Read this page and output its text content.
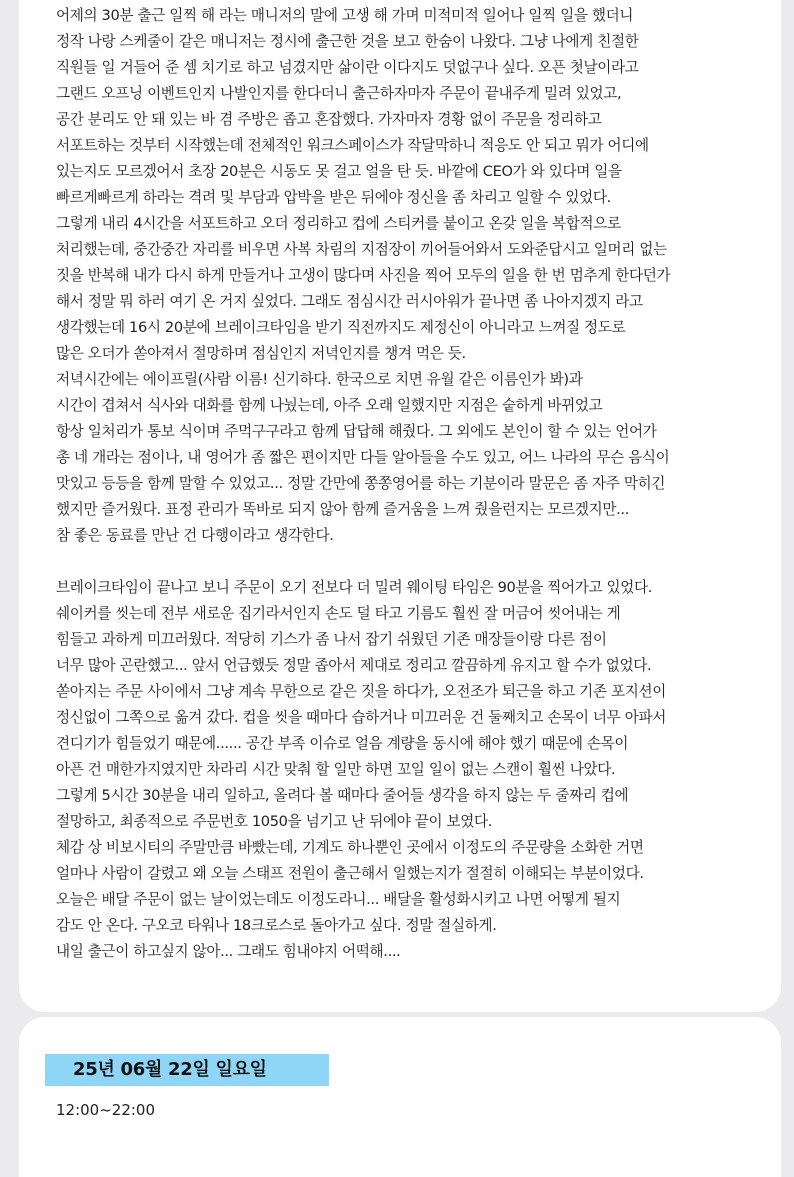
어제의 30분 출근 일찍 해 라는 매니저의 말에 고생 해 가며 미적미적 일어나 일찍 일을 했더니
정작 나랑 스케줄이 같은 매니저는 정시에 출근한 것을 보고 한숨이 나왔다. 그냥 나에게 친절한
직원들 일 거들어 준 셈 치기로 하고 넘겼지만 삶이란 이다지도 덧없구나 싶다. 오픈 첫날이라고
그랜드 오프닝 이벤트인지 나발인지를 한다더니 출근하자마자 주문이 끝내주게 밀려 있었고,
공간 분리도 안 돼 있는 바 겸 주방은 좁고 혼잡했다. 가자마자 경황 없이 주문을 정리하고
서포트하는 것부터 시작했는데 전체적인 워크스페이스가 작달막하니 적응도 안 되고 뭐가 어디에
있는지도 모르겠어서 초장 20분은 시동도 못 걸고 얼을 탄 듯. 바깥에 CEO가 와 있다며 일을
빠르게빠르게 하라는 격려 및 부담과 압박을 받은 뒤에야 정신을 좀 차리고 일할 수 있었다.
그렇게 내리 4시간을 서포트하고 오더 정리하고 컵에 스티커를 붙이고 온갖 일을 복합적으로
처리했는데, 중간중간 자리를 비우면 사복 차림의 지점장이 끼어들어와서 도와준답시고 일머리 없는
짓을 반복해 내가 다시 하게 만들거나 고생이 많다며 사진을 찍어 모두의 일을 한 번 멈추게 한다던가
해서 정말 뭐 하러 여기 온 거지 싶었다. 그래도 점심시간 러시아워가 끝나면 좀 나아지겠지 라고
생각했는데 16시 20분에 브레이크타임을 받기 직전까지도 제정신이 아니라고 느껴질 정도로
많은 오더가 쏟아져서 절망하며 점심인지 저녁인지를 챙겨 먹은 듯.
저녁시간에는 에이프릴(사람 이름! 신기하다. 한국으로 치면 유월 같은 이름인가 봐)과
시간이 겹쳐서 식사와 대화를 함께 나눴는데, 아주 오래 일했지만 지점은 숱하게 바뀌었고
항상 일처리가 통보 식이며 주먹구구라고 함께 답답해 해줬다. 그 외에도 본인이 할 수 있는 언어가
총 네 개라는 점이나, 내 영어가 좀 짧은 편이지만 다들 알아들을 수도 있고, 어느 나라의 무슨 음식이
맛있고 등등을 함께 말할 수 있었고... 정말 간만에 쫑쫑영어를 하는 기분이라 말문은 좀 자주 막히긴
했지만 즐거웠다. 표정 관리가 똑바로 되지 않아 함께 즐거움을 느껴 줬을런지는 모르겠지만...
참 좋은 동료를 만난 건 다행이라고 생각한다.
브레이크타임이 끝나고 보니 주문이 오기 전보다 더 밀려 웨이팅 타임은 90분을 찍어가고 있었다.
쉐이커를 씻는데 전부 새로운 집기라서인지 손도 덜 타고 기름도 훨씬 잘 머금어 씻어내는 게
힘들고 과하게 미끄러웠다. 적당히 기스가 좀 나서 잡기 쉬웠던 기존 매장들이랑 다른 점이
너무 많아 곤란했고... 앞서 언급했듯 정말 좁아서 제대로 정리고 깔끔하게 유지고 할 수가 없었다.
쏟아지는 주문 사이에서 그냥 계속 무한으로 같은 짓을 하다가, 오전조가 퇴근을 하고 기존 포지션이
정신없이 그쪽으로 옮겨 갔다. 컵을 씻을 때마다 습하거나 미끄러운 건 둘째치고 손목이 너무 아파서
견디기가 힘들었기 때문에...... 공간 부족 이슈로 얼음 계량을 동시에 해야 했기 때문에 손목이
아픈 건 매한가지였지만 차라리 시간 맞춰 할 일만 하면 꼬일 일이 없는 스캔이 훨씬 나았다.
그렇게 5시간 30분을 내리 일하고, 올려다 볼 때마다 줄어들 생각을 하지 않는 두 줄짜리 컵에
절망하고, 최종적으로 주문번호 1050을 넘기고 난 뒤에야 끝이 보였다.
체감 상 비보시티의 주말만큼 바빴는데, 기계도 하나뿐인 곳에서 이정도의 주문량을 소화한 거면
얼마나 사람이 갈렸고 왜 오늘 스태프 전원이 출근해서 일했는지가 절절히 이해되는 부분이었다.
오늘은 배달 주문이 없는 날이었는데도 이정도라니... 배달을 활성화시키고 나면 어떻게 될지
감도 안 온다. 구오코 타워나 18크로스로 돌아가고 싶다. 정말 절실하게.
내일 출근이 하고싶지 않아... 그래도 힘내야지 어떡해....
25년 06월 22일 일요일
12:00~22:00
